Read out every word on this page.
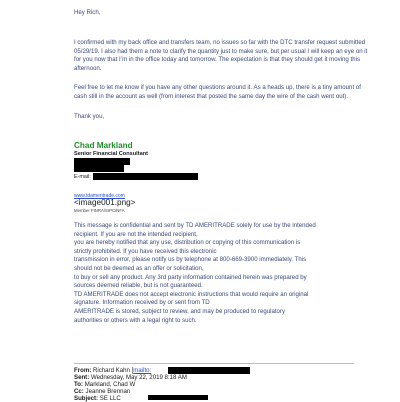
Hey Rich,
I confirmed with my back office and transfers team, no issues so far with the DTC transfer request submitted 05/29/19. I also had them a note to clarify the quantity just to make sure, but per usual I will keep an eye on it for you now that I’m in the office today and tomorrow. The expectation is that they should get it moving this afternoon.
Feel free to let me know if you have any other questions around it. As a heads up, there is a tiny amount of cash still in the account as well (from interest that posted the same day the wire of the cash went out).
Thank you,
Chad Markland
Senior Financial Consultant
E-mail:
www.tdameritrade.com
<image001.png>
Member FINRA/SIPC/NFA
This message is confidential and sent by TD AMERITRADE solely for use by the intended
recipient. If you are not the intended recipient,
you are hereby notified that any use, distribution or copying of this communication is
strictly prohibited. If you have received this electronic
transmission in error, please notify us by telephone at 800-669-3900 immediately. This
should not be deemed as an offer or solicitation,
to buy or sell any product. Any 3rd party information contained herein was prepared by
sources deemed reliable, but is not guaranteed.
TD AMERITRADE does not accept electronic instructions that would require an original
signature. Information received by or sent from TD
AMERITRADE is stored, subject to review, and may be produced to regulatory
authorities or others with a legal right to such.
From: Richard Kahn [mailto:
Sent: Wednesday, May 22, 2019 8:18 AM
To: Markland, Chad W
Cc: Jeanne Brennan
Subject: SE LLC
